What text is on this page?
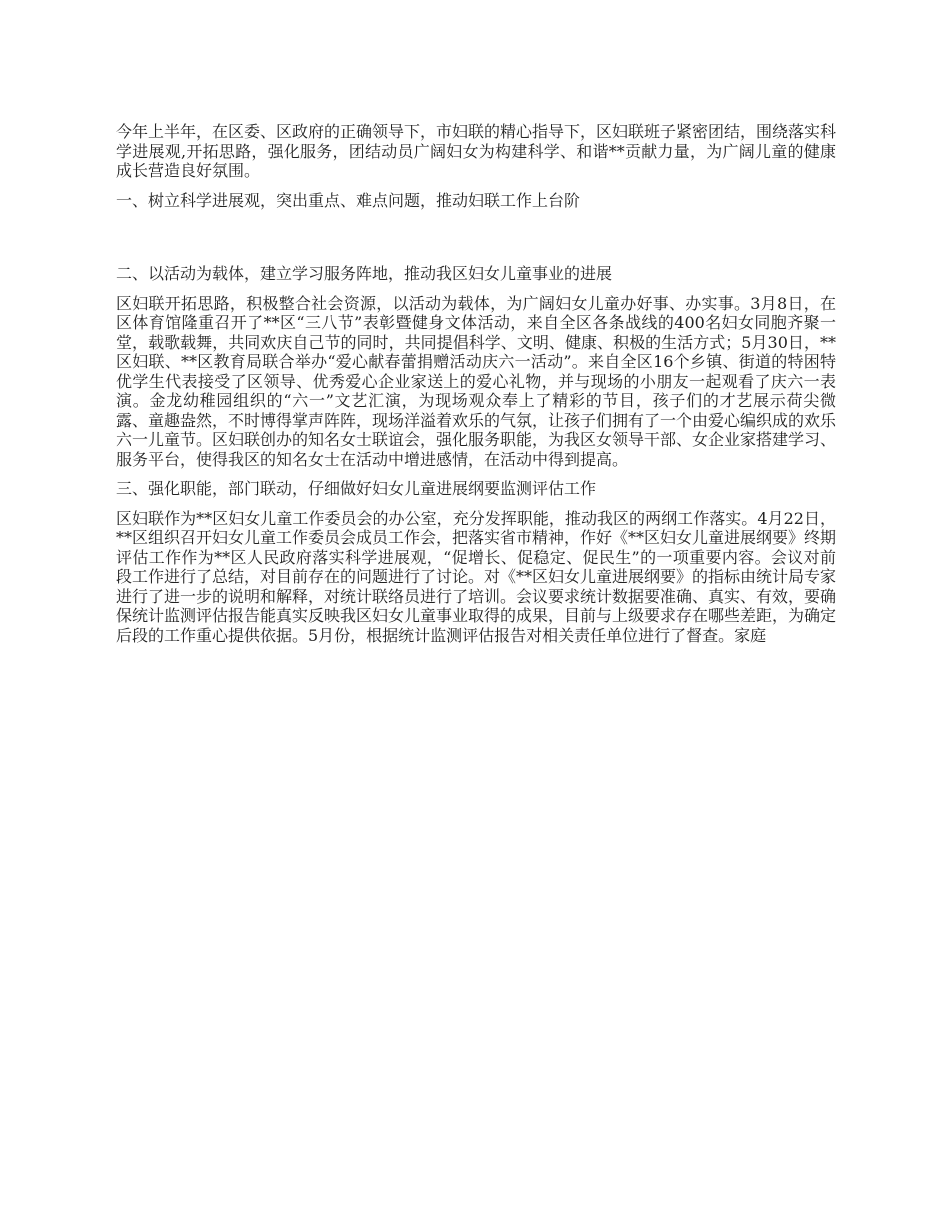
今年上半年，在区委、区政府的正确领导下，市妇联的精心指导下，区妇联班子紧密团结，围绕落实科学进展观,开拓思路，强化服务，团结动员广阔妇女为构建科学、和谐**贡献力量，为广阔儿童的健康成长营造良好氛围。

一、树立科学进展观，突出重点、难点问题，推动妇联工作上台阶

二、以活动为载体，建立学习服务阵地，推动我区妇女儿童事业的进展

区妇联开拓思路，积极整合社会资源，以活动为载体，为广阔妇女儿童办好事、办实事。3月8日，在区体育馆隆重召开了**区“三八节”表彰暨健身文体活动，来自全区各条战线的400名妇女同胞齐聚一堂，载歌载舞，共同欢庆自己节的同时，共同提倡科学、文明、健康、积极的生活方式；5月30日，**区妇联、**区教育局联合举办“爱心献春蕾捐赠活动庆六一活动”。来自全区16个乡镇、街道的特困特优学生代表接受了区领导、优秀爱心企业家送上的爱心礼物，并与现场的小朋友一起观看了庆六一表演。金龙幼稚园组织的“六一”文艺汇演，为现场观众奉上了精彩的节目，孩子们的才艺展示荷尖微露、童趣盎然，不时博得掌声阵阵，现场洋溢着欢乐的气氛，让孩子们拥有了一个由爱心编织成的欢乐六一儿童节。区妇联创办的知名女士联谊会，强化服务职能，为我区女领导干部、女企业家搭建学习、服务平台，使得我区的知名女士在活动中增进感情，在活动中得到提高。

三、强化职能，部门联动，仔细做好妇女儿童进展纲要监测评估工作

区妇联作为**区妇女儿童工作委员会的办公室，充分发挥职能，推动我区的两纲工作落实。4月22日，**区组织召开妇女儿童工作委员会成员工作会，把落实省市精神，作好《**区妇女儿童进展纲要》终期评估工作作为**区人民政府落实科学进展观，“促增长、促稳定、促民生”的一项重要内容。会议对前段工作进行了总结，对目前存在的问题进行了讨论。对《**区妇女儿童进展纲要》的指标由统计局专家进行了进一步的说明和解释，对统计联络员进行了培训。会议要求统计数据要准确、真实、有效，要确保统计监测评估报告能真实反映我区妇女儿童事业取得的成果，目前与上级要求存在哪些差距，为确定后段的工作重心提供依据。5月份，根据统计监测评估报告对相关责任单位进行了督查。家庭
